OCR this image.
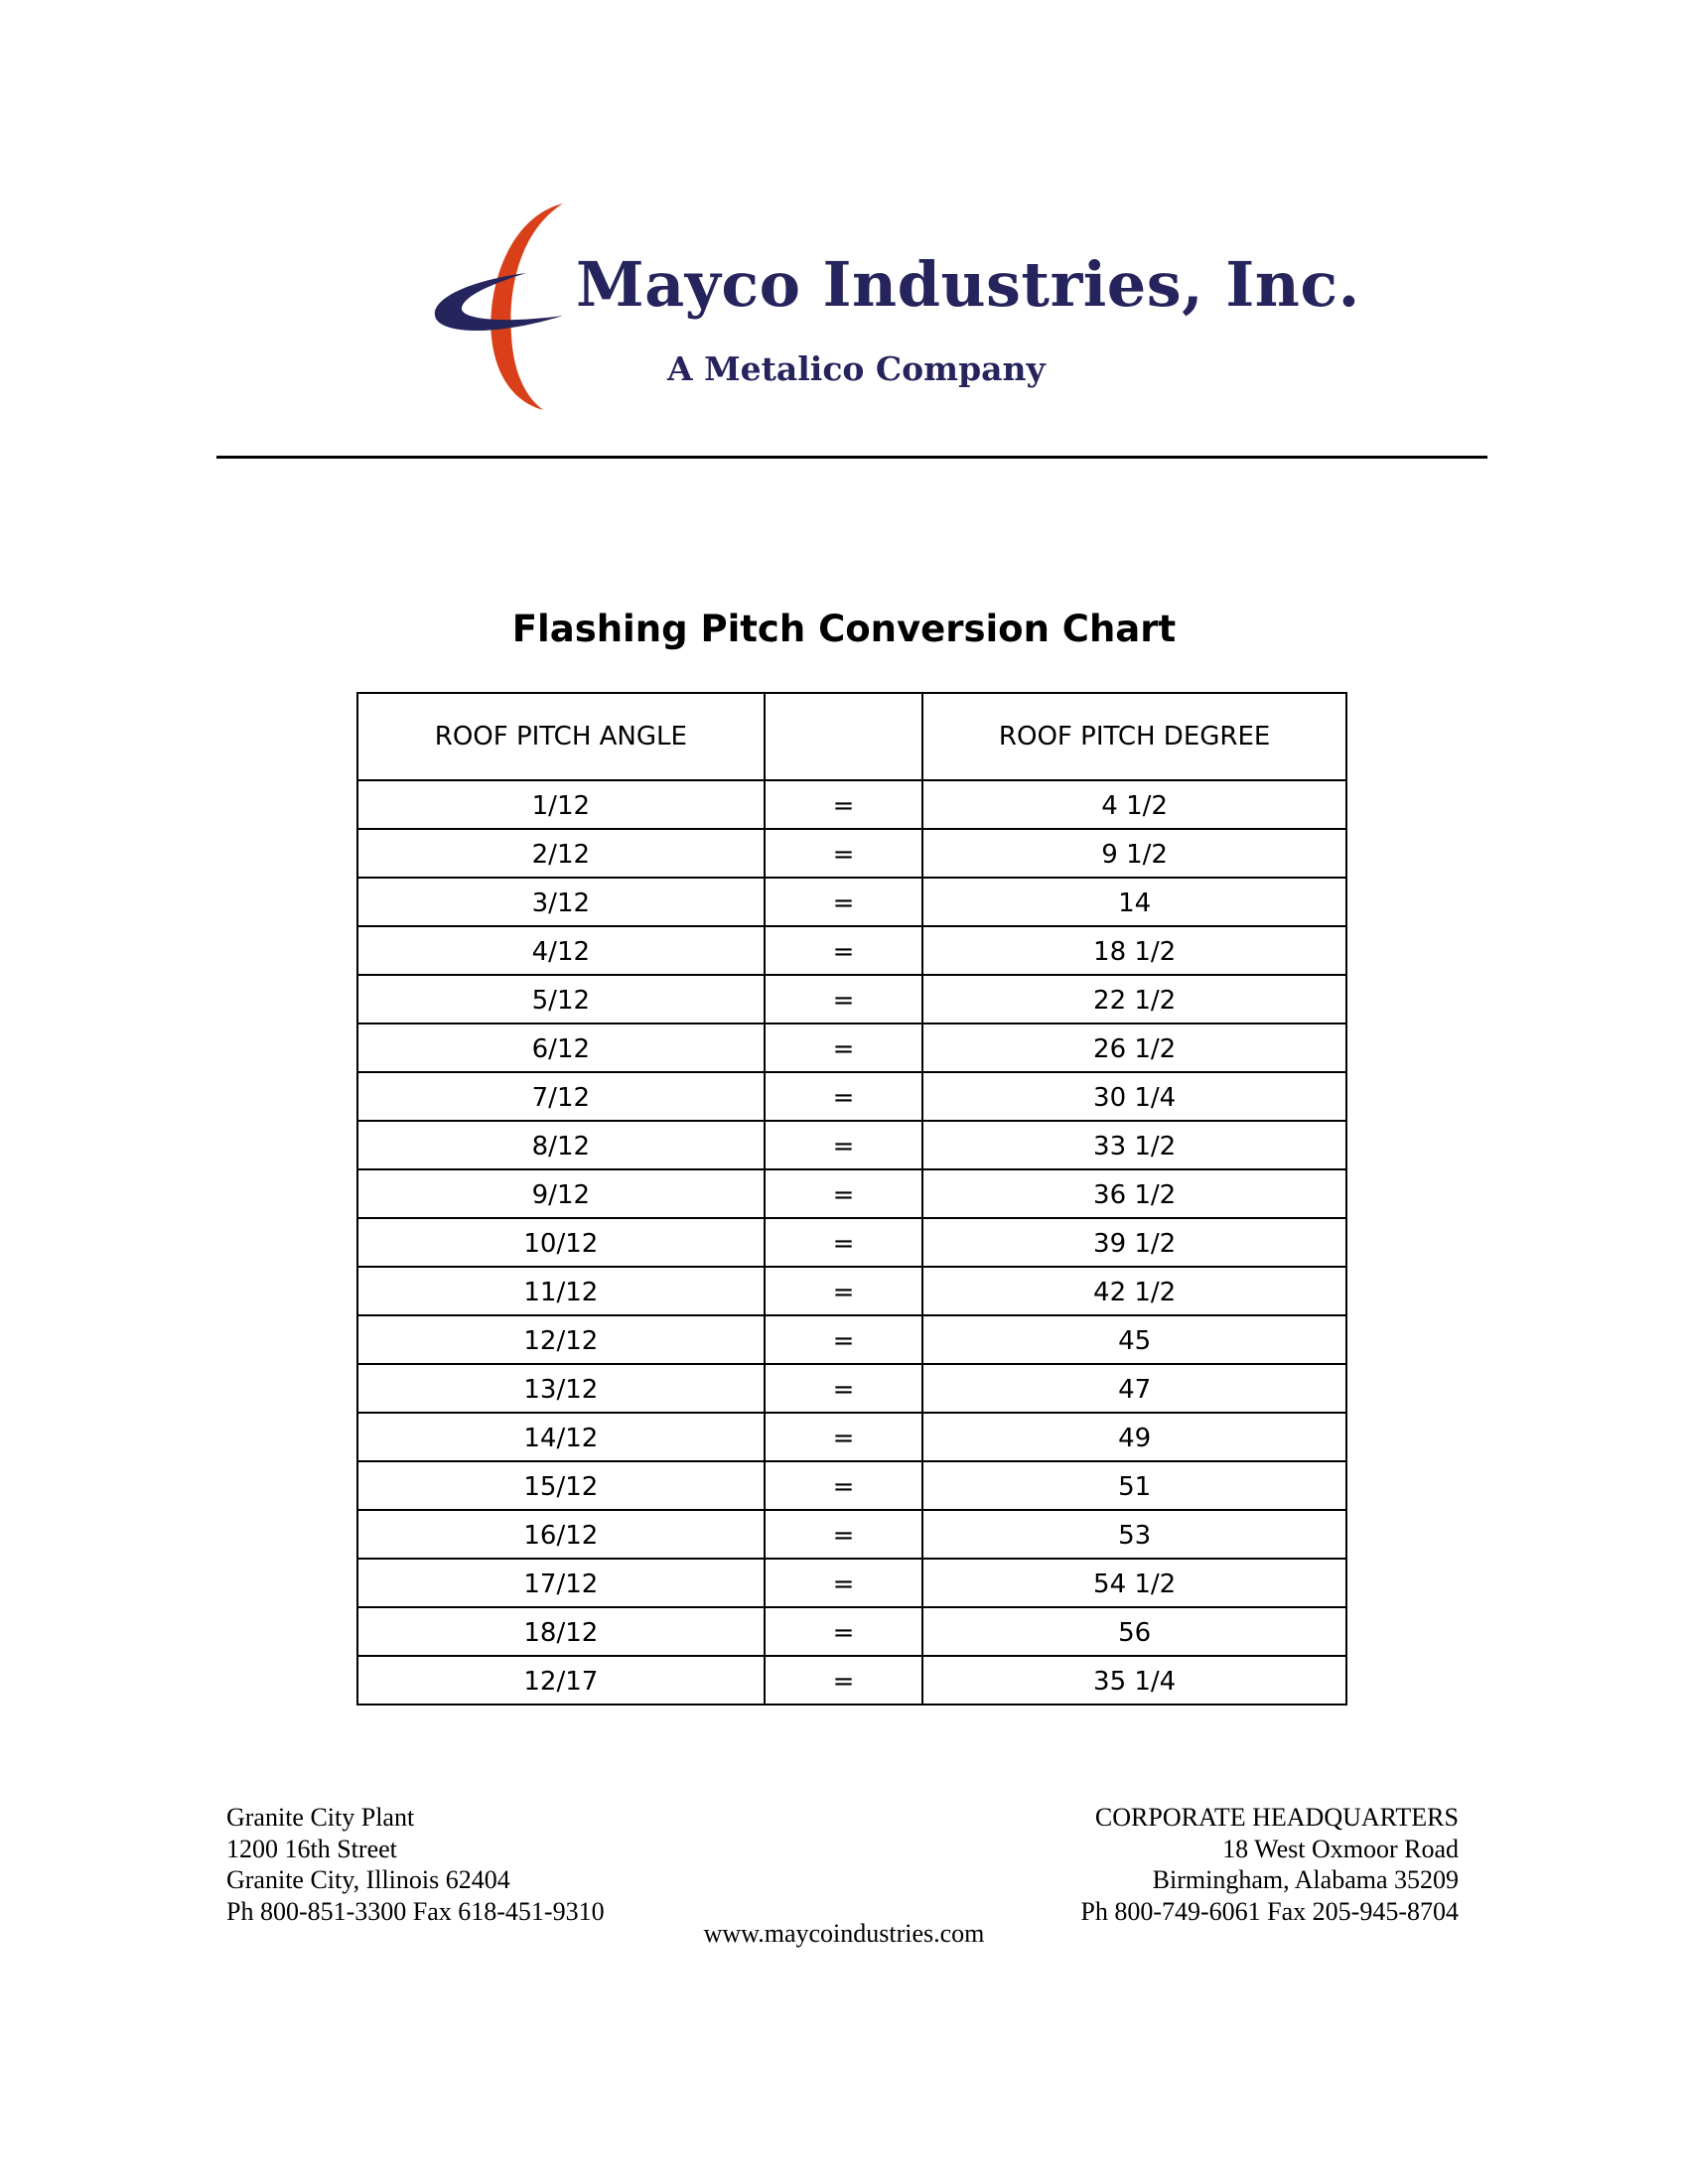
Mayco Industries, Inc.
A Metalico Company
Flashing Pitch Conversion Chart
ROOF PITCH ANGLE		ROOF PITCH DEGREE
1/12	=	4 1/2
2/12	=	9 1/2
3/12	=	14
4/12	=	18 1/2
5/12	=	22 1/2
6/12	=	26 1/2
7/12	=	30 1/4
8/12	=	33 1/2
9/12	=	36 1/2
10/12	=	39 1/2
11/12	=	42 1/2
12/12	=	45
13/12	=	47
14/12	=	49
15/12	=	51
16/12	=	53
17/12	=	54 1/2
18/12	=	56
12/17	=	35 1/4
Granite City Plant
1200 16th Street
Granite City, Illinois 62404
Ph 800-851-3300 Fax 618-451-9310
CORPORATE HEADQUARTERS
18 West Oxmoor Road
Birmingham, Alabama 35209
Ph 800-749-6061 Fax 205-945-8704
www.maycoindustries.com
